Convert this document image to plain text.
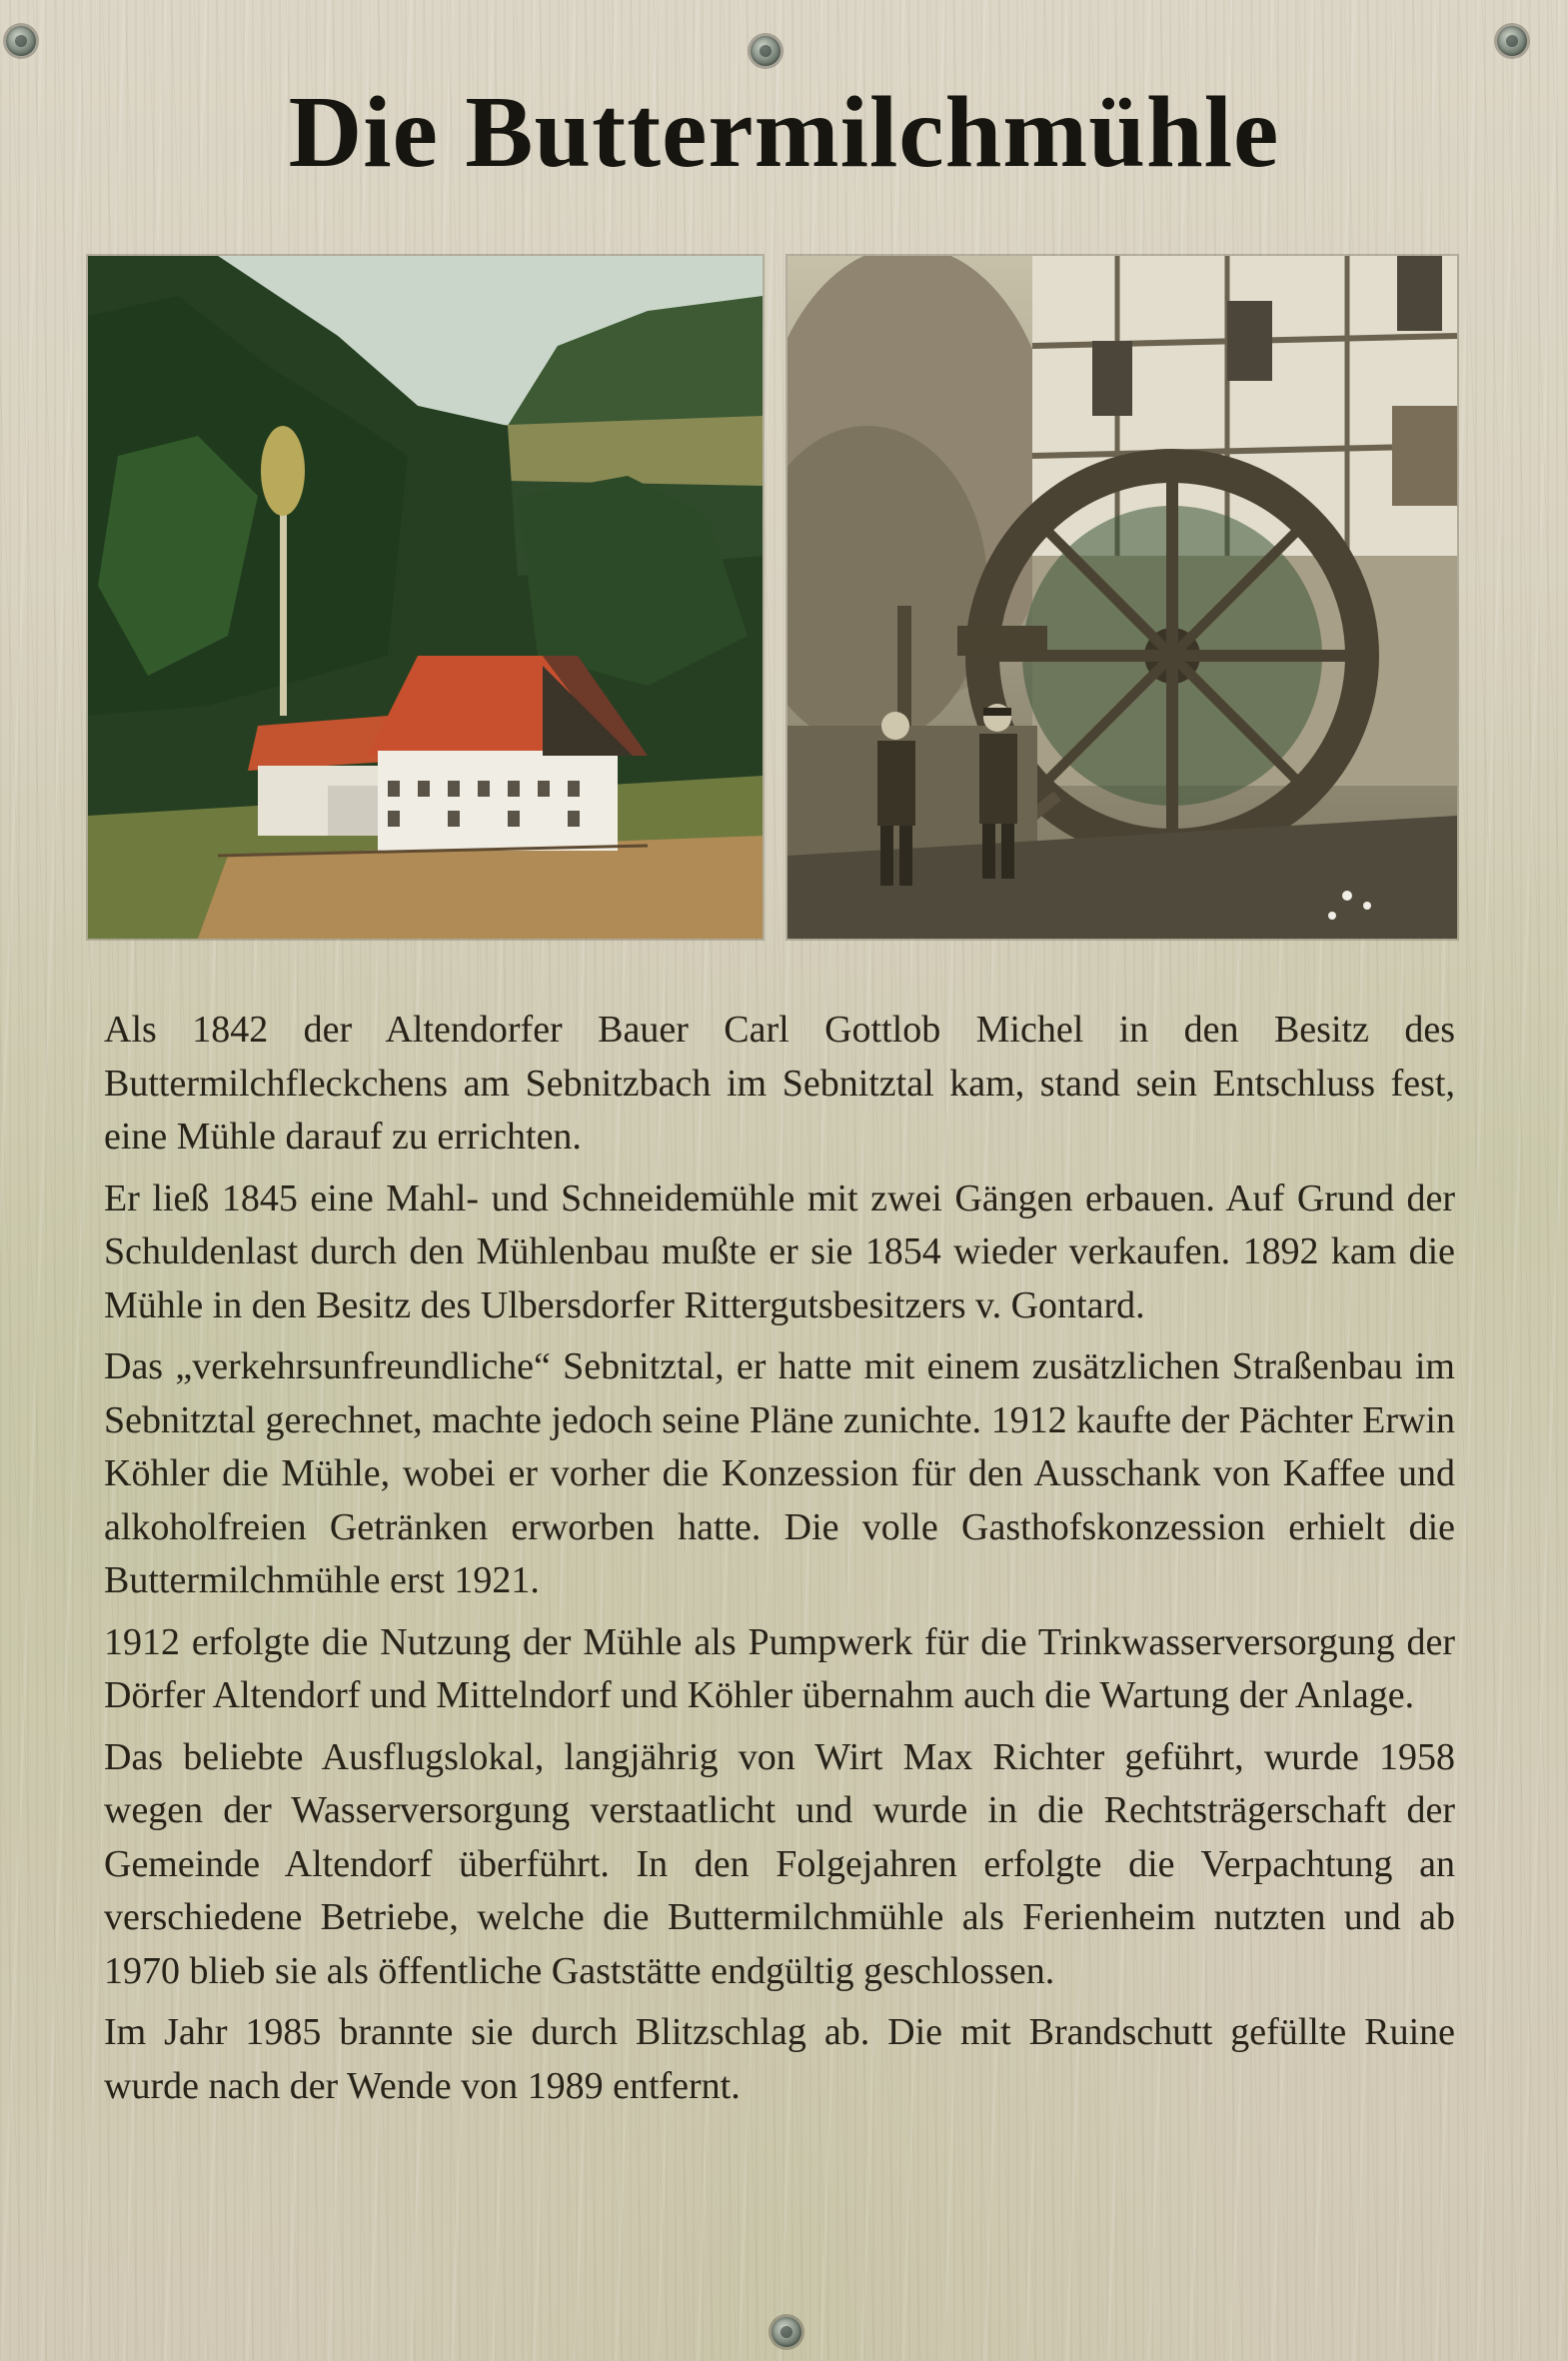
Die Buttermilchmühle

Als 1842 der Altendorfer Bauer Carl Gottlob Michel in den Besitz des Buttermilchfleckchens am Sebnitzbach im Sebnitztal kam, stand sein Entschluss fest, eine Mühle darauf zu errichten.

Er ließ 1845 eine Mahl- und Schneidemühle mit zwei Gängen erbauen. Auf Grund der Schuldenlast durch den Mühlenbau mußte er sie 1854 wieder verkaufen. 1892 kam die Mühle in den Besitz des Ulbersdorfer Rittergutsbesitzers v. Gontard.

Das „verkehrsunfreundliche“ Sebnitztal, er hatte mit einem zusätzlichen Straßenbau im Sebnitztal gerechnet, machte jedoch seine Pläne zunichte. 1912 kaufte der Pächter Erwin Köhler die Mühle, wobei er vorher die Konzession für den Ausschank von Kaffee und alkoholfreien Getränken erworben hatte. Die volle Gasthofskonzession erhielt die Buttermilchmühle erst 1921.

1912 erfolgte die Nutzung der Mühle als Pumpwerk für die Trinkwasserversorgung der Dörfer Altendorf und Mittelndorf und Köhler übernahm auch die Wartung der Anlage.

Das beliebte Ausflugslokal, langjährig von Wirt Max Richter geführt, wurde 1958 wegen der Wasserversorgung verstaatlicht und wurde in die Rechtsträgerschaft der Gemeinde Altendorf überführt. In den Folgejahren erfolgte die Verpachtung an verschiedene Betriebe, welche die Buttermilchmühle als Ferienheim nutzten und ab 1970 blieb sie als öffentliche Gaststätte endgültig geschlossen.

Im Jahr 1985 brannte sie durch Blitzschlag ab. Die mit Brandschutt gefüllte Ruine wurde nach der Wende von 1989 entfernt.
